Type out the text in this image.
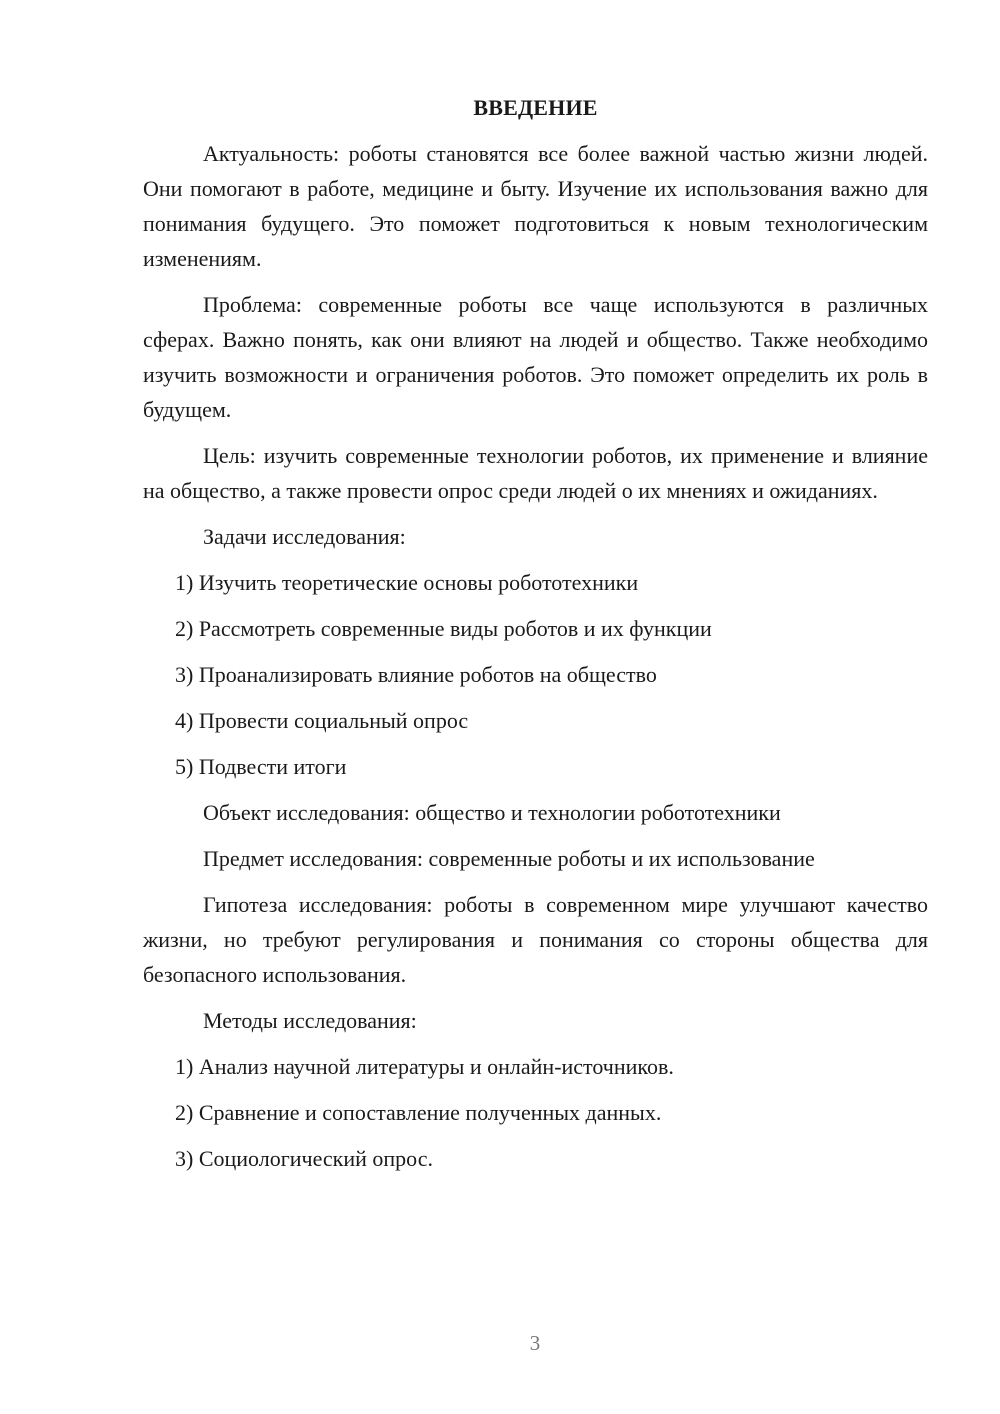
ВВЕДЕНИЕ

Актуальность: роботы становятся все более важной частью жизни людей. Они помогают в работе, медицине и быту. Изучение их использования важно для понимания будущего. Это поможет подготовиться к новым технологическим изменениям.

Проблема: современные роботы все чаще используются в различных сферах. Важно понять, как они влияют на людей и общество. Также необходимо изучить возможности и ограничения роботов. Это поможет определить их роль в будущем.

Цель: изучить современные технологии роботов, их применение и влияние на общество, а также провести опрос среди людей о их мнениях и ожиданиях.

Задачи исследования:

1) Изучить теоретические основы робототехники

2) Рассмотреть современные виды роботов и их функции

3) Проанализировать влияние роботов на общество

4) Провести социальный опрос

5) Подвести итоги

Объект исследования: общество и технологии робототехники

Предмет исследования: современные роботы и их использование

Гипотеза исследования: роботы в современном мире улучшают качество жизни, но требуют регулирования и понимания со стороны общества для безопасного использования.

Методы исследования:

1) Анализ научной литературы и онлайн-источников.

2) Сравнение и сопоставление полученных данных.

3) Социологический опрос.

3
